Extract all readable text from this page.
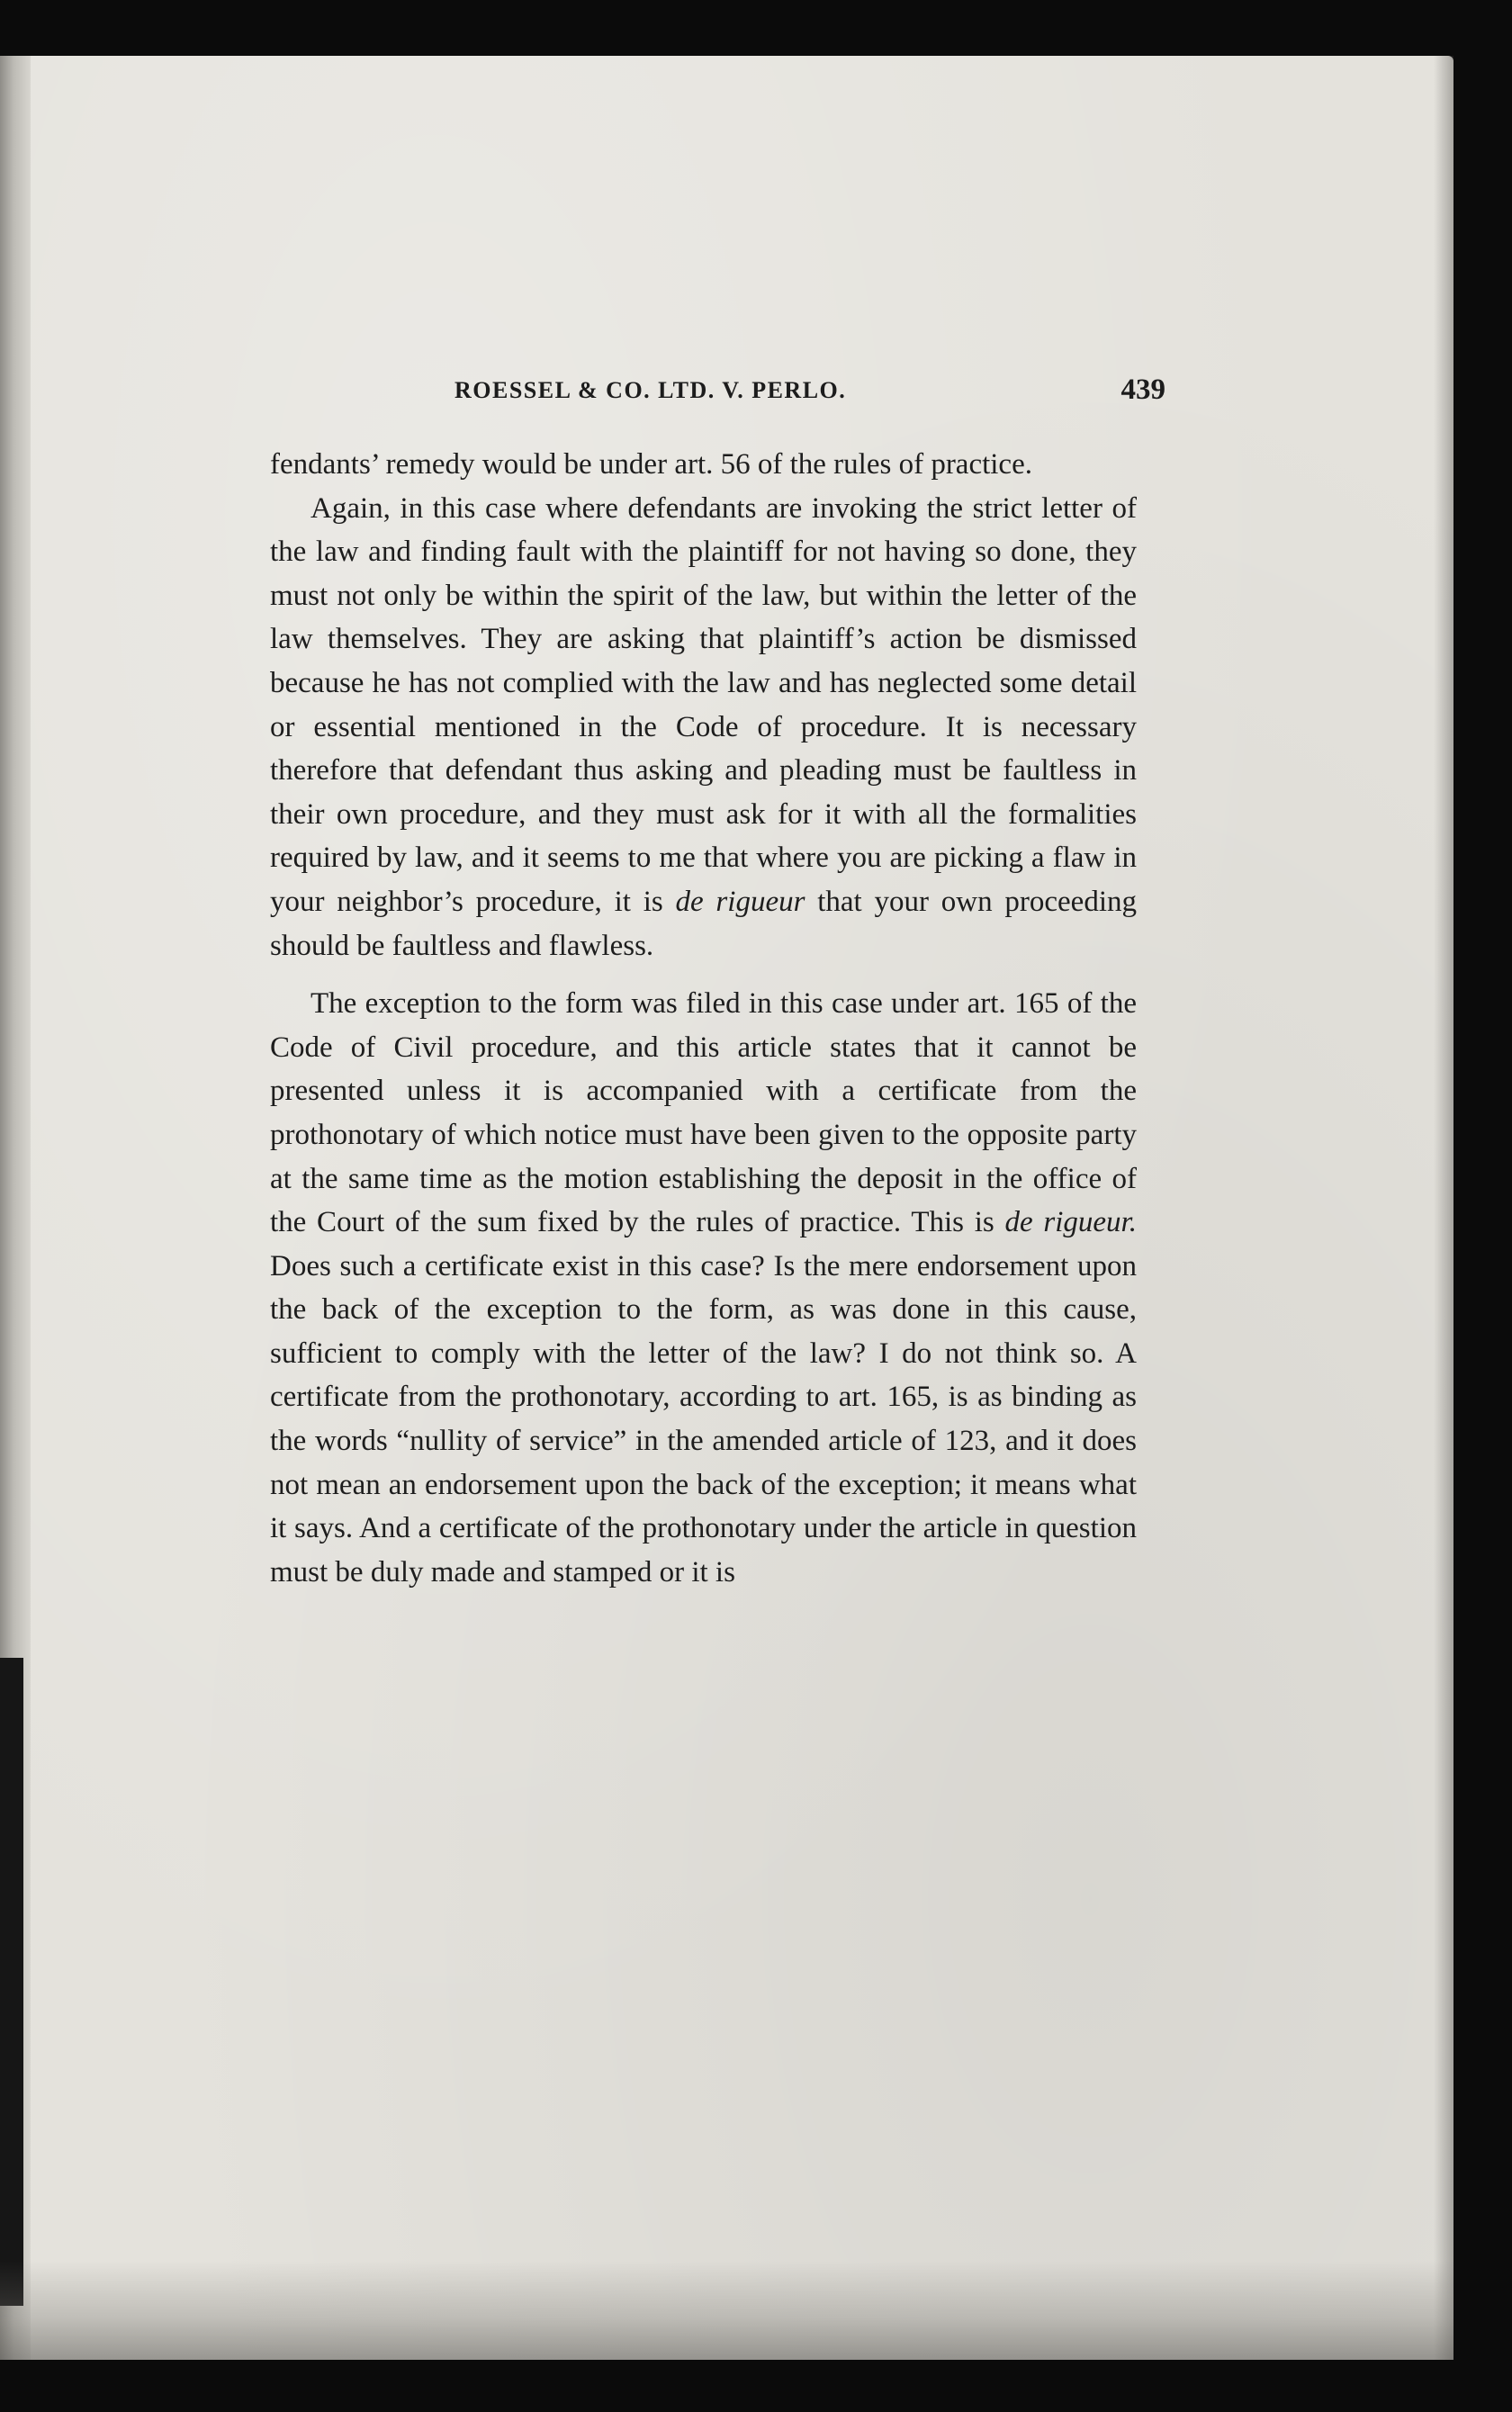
ROESSEL & CO. LTD. V. PERLO.	439

fendants’ remedy would be under art. 56 of the rules of practice.

Again, in this case where defendants are invoking the strict letter of the law and finding fault with the plaintiff for not having so done, they must not only be within the spirit of the law, but within the letter of the law themselves. They are asking that plaintiff’s action be dismissed because he has not complied with the law and has neglected some detail or essential mentioned in the Code of procedure. It is necessary therefore that defendant thus asking and pleading must be faultless in their own procedure, and they must ask for it with all the formalities required by law, and it seems to me that where you are picking a flaw in your neighbor’s procedure, it is de rigueur that your own proceeding should be faultless and flawless.

The exception to the form was filed in this case under art. 165 of the Code of Civil procedure, and this article states that it cannot be presented unless it is accompanied with a certificate from the prothonotary of which notice must have been given to the opposite party at the same time as the motion establishing the deposit in the office of the Court of the sum fixed by the rules of practice. This is de rigueur. Does such a certificate exist in this case? Is the mere endorsement upon the back of the exception to the form, as was done in this cause, sufficient to comply with the letter of the law? I do not think so. A certificate from the prothonotary, according to art. 165, is as binding as the words “nullity of service” in the amended article of 123, and it does not mean an endorsement upon the back of the exception; it means what it says. And a certificate of the prothonotary under the article in question must be duly made and stamped or it is
